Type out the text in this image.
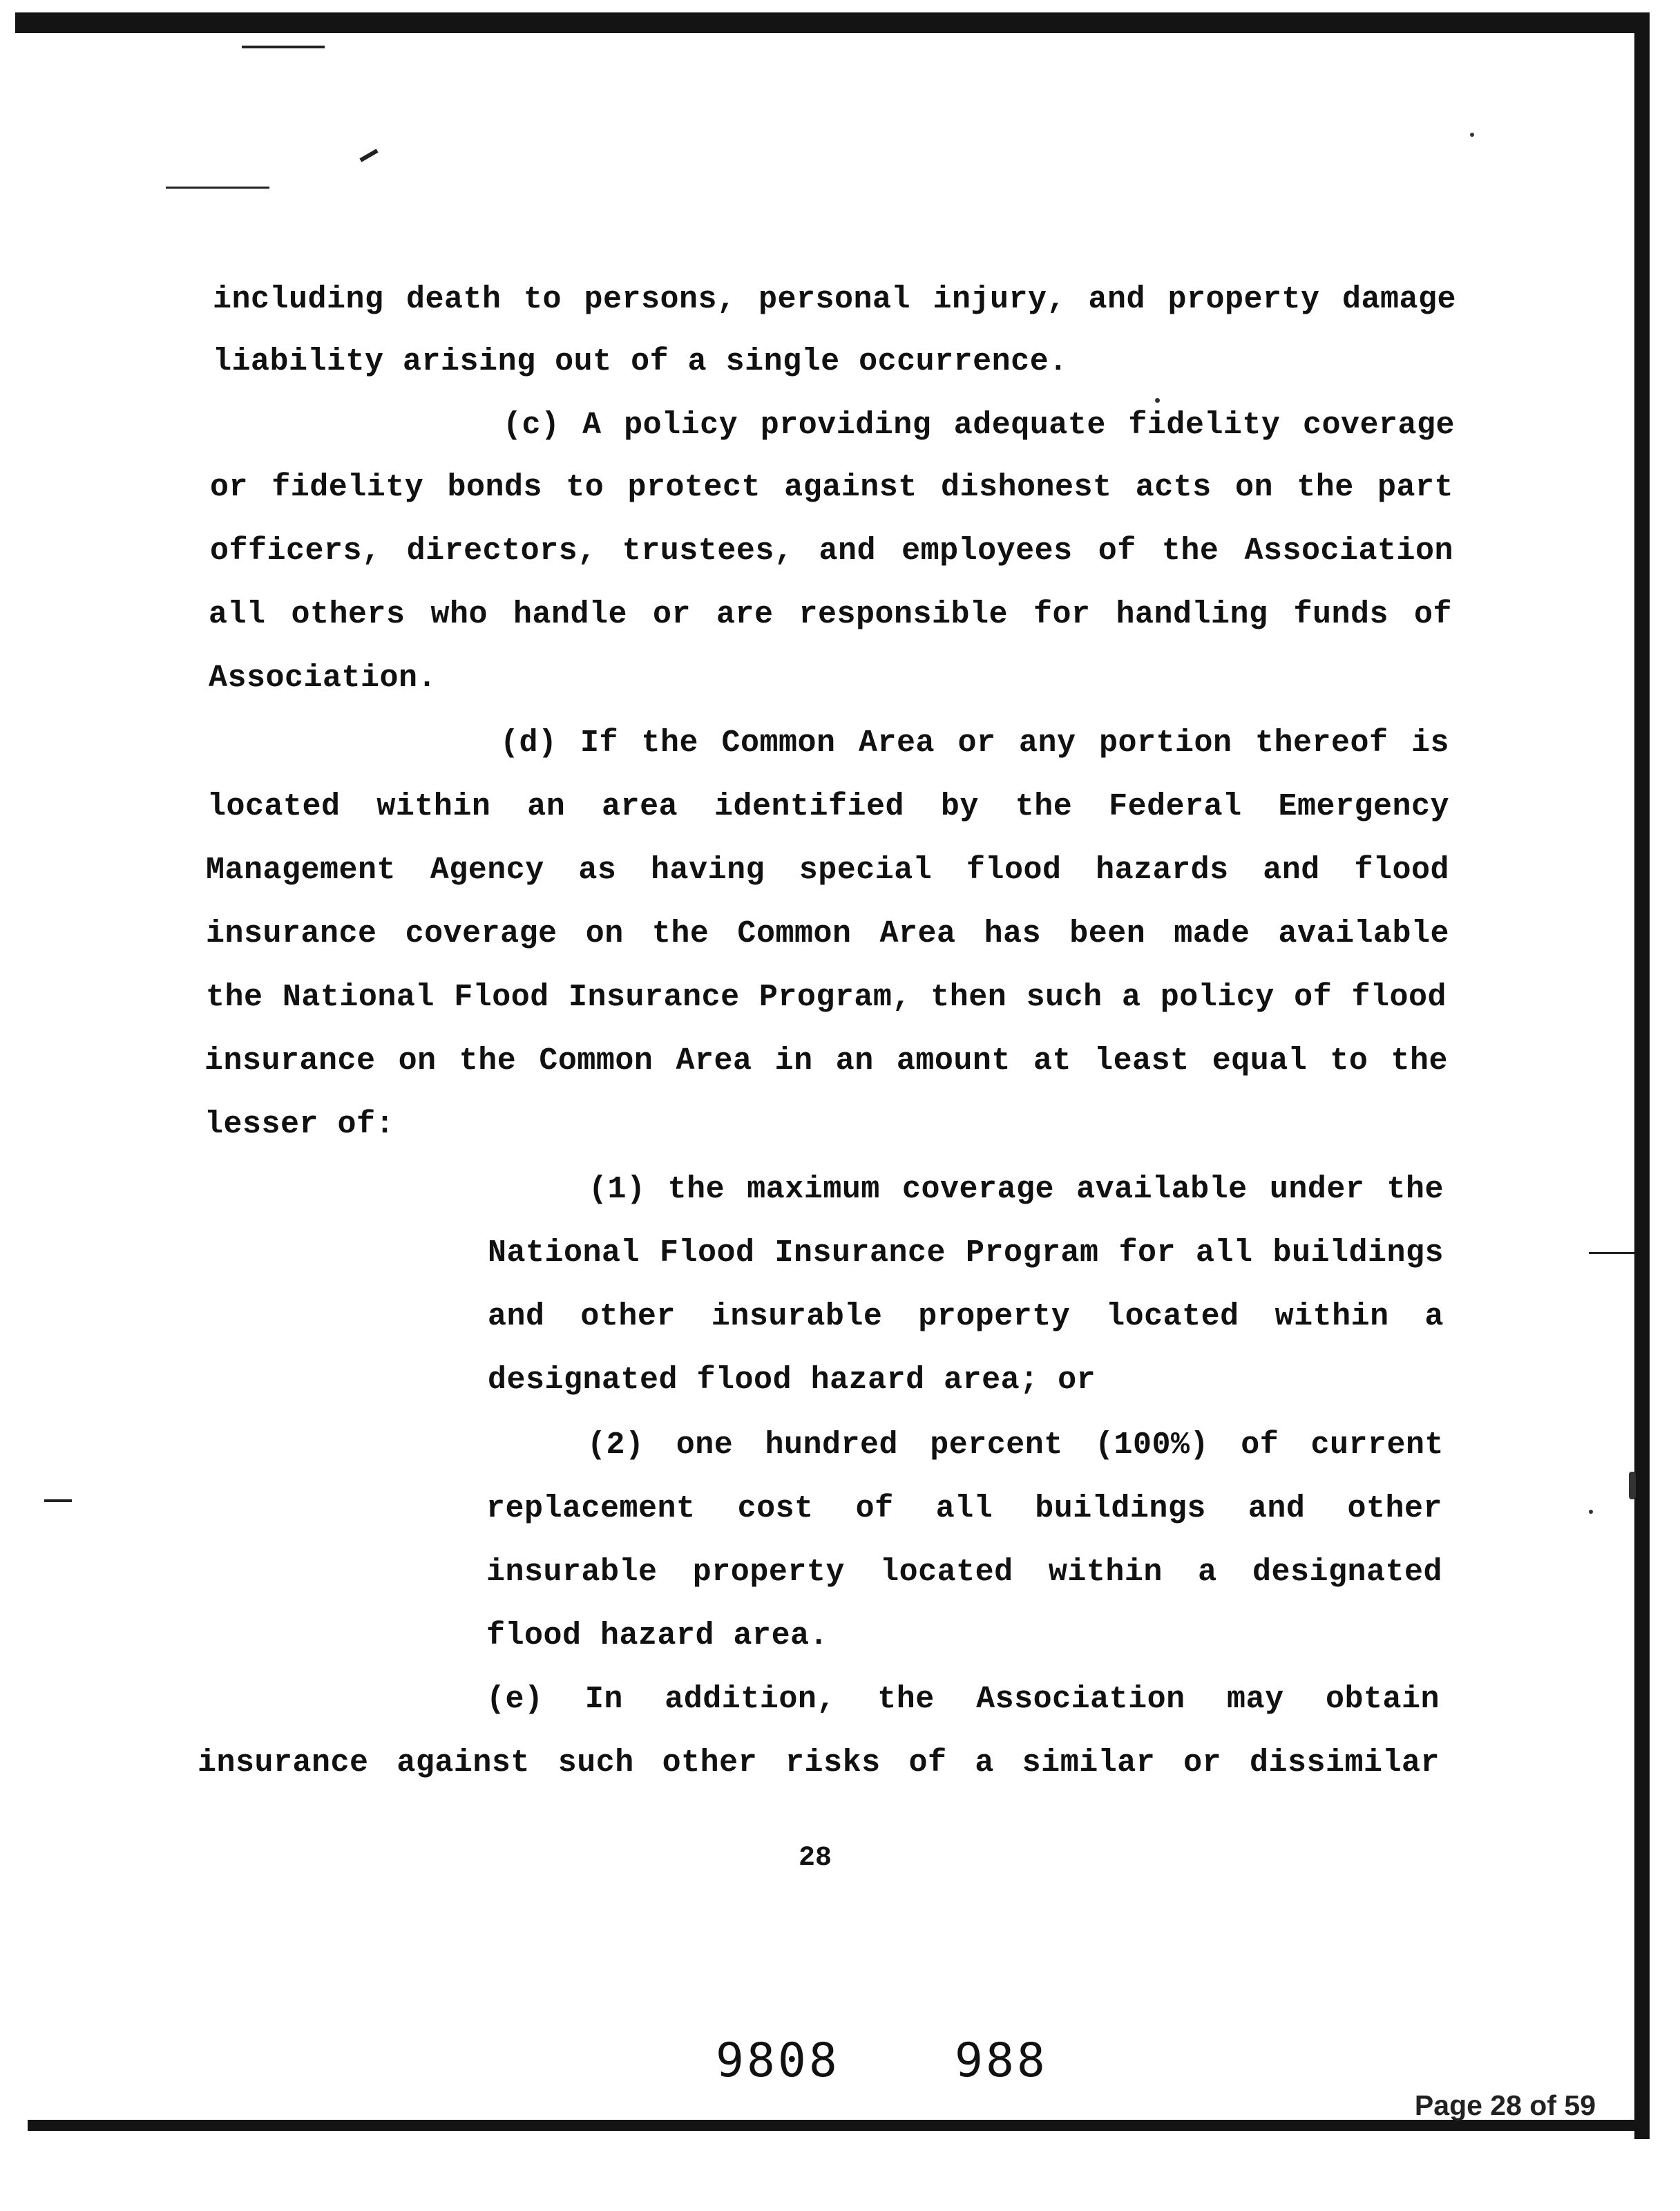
including death to persons, personal injury, and property damage
liability arising out of a single occurrence.
(c) A policy providing adequate fidelity coverage
or fidelity bonds to protect against dishonest acts on the part
officers, directors, trustees, and employees of the Association
all others who handle or are responsible for handling funds of
Association.
(d) If the Common Area or any portion thereof is
located within an area identified by the Federal Emergency
Management Agency as having special flood hazards and flood
insurance coverage on the Common Area has been made available
the National Flood Insurance Program, then such a policy of flood
insurance on the Common Area in an amount at least equal to the
lesser of:
(1) the maximum coverage available under the
National Flood Insurance Program for all buildings
and other insurable property located within a
designated flood hazard area; or
(2) one hundred percent (100%) of current
replacement cost of all buildings and other
insurable property located within a designated
flood hazard area.
(e) In addition, the Association may obtain
insurance against such other risks of a similar or dissimilar
28
9808 988
Page 28 of 59
